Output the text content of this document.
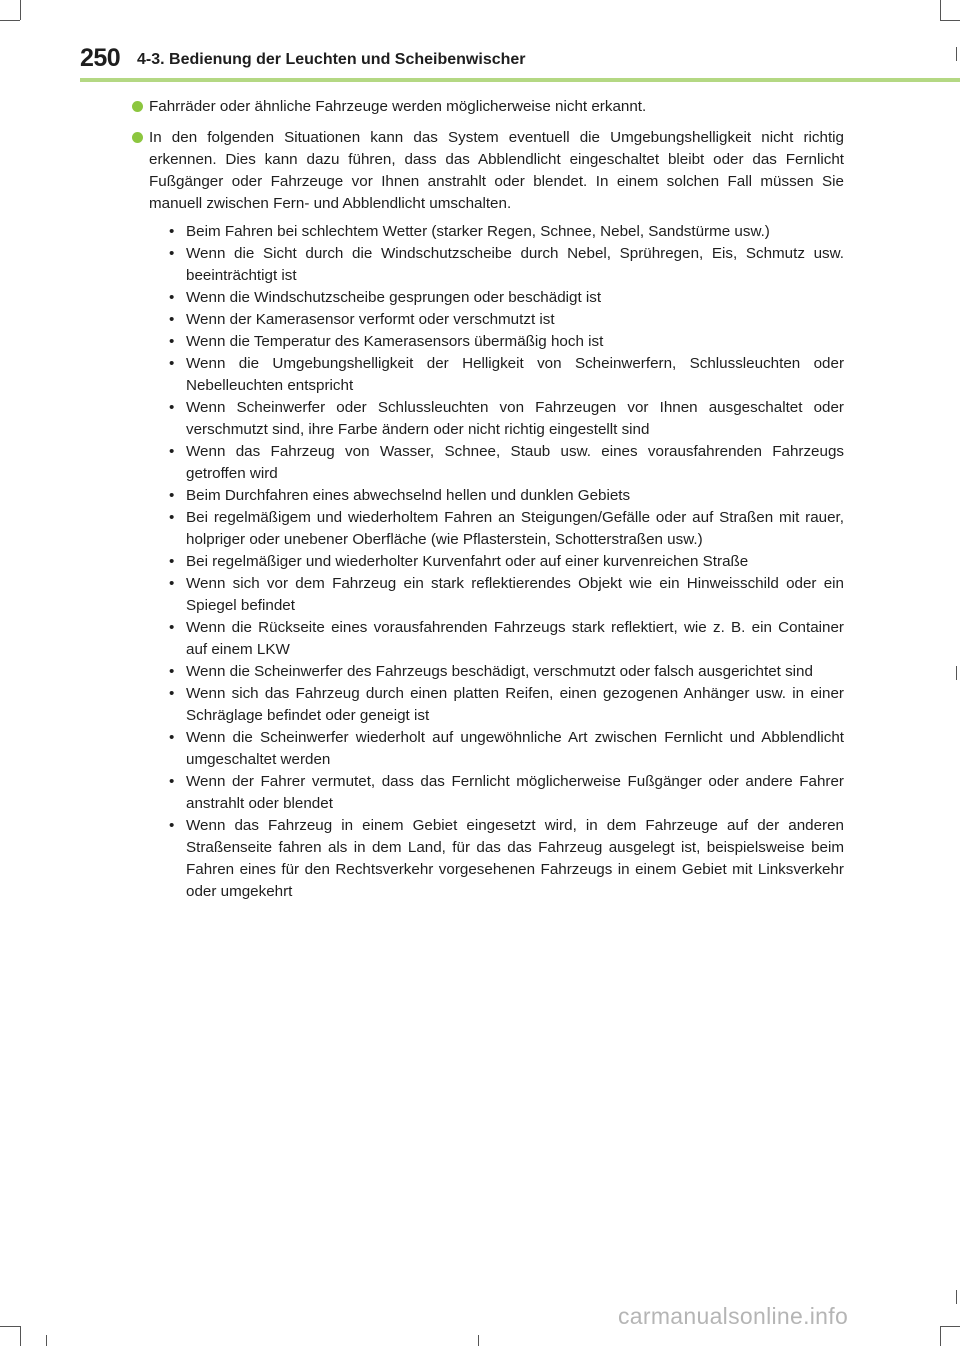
250 4-3. Bedienung der Leuchten und Scheibenwischer
Fahrräder oder ähnliche Fahrzeuge werden möglicherweise nicht erkannt.
In den folgenden Situationen kann das System eventuell die Umgebungshelligkeit nicht richtig erkennen. Dies kann dazu führen, dass das Abblendlicht eingeschaltet bleibt oder das Fernlicht Fußgänger oder Fahrzeuge vor Ihnen anstrahlt oder blendet. In einem solchen Fall müssen Sie manuell zwischen Fern- und Abblendlicht umschalten.
• Beim Fahren bei schlechtem Wetter (starker Regen, Schnee, Nebel, Sandstürme usw.)
• Wenn die Sicht durch die Windschutzscheibe durch Nebel, Sprühregen, Eis, Schmutz usw. beeinträchtigt ist
• Wenn die Windschutzscheibe gesprungen oder beschädigt ist
• Wenn der Kamerasensor verformt oder verschmutzt ist
• Wenn die Temperatur des Kamerasensors übermäßig hoch ist
• Wenn die Umgebungshelligkeit der Helligkeit von Scheinwerfern, Schlussleuchten oder Nebelleuchten entspricht
• Wenn Scheinwerfer oder Schlussleuchten von Fahrzeugen vor Ihnen ausgeschaltet oder verschmutzt sind, ihre Farbe ändern oder nicht richtig eingestellt sind
• Wenn das Fahrzeug von Wasser, Schnee, Staub usw. eines vorausfahrenden Fahrzeugs getroffen wird
• Beim Durchfahren eines abwechselnd hellen und dunklen Gebiets
• Bei regelmäßigem und wiederholtem Fahren an Steigungen/Gefälle oder auf Straßen mit rauer, holpriger oder unebener Oberfläche (wie Pflasterstein, Schotterstraßen usw.)
• Bei regelmäßiger und wiederholter Kurvenfahrt oder auf einer kurvenreichen Straße
• Wenn sich vor dem Fahrzeug ein stark reflektierendes Objekt wie ein Hinweisschild oder ein Spiegel befindet
• Wenn die Rückseite eines vorausfahrenden Fahrzeugs stark reflektiert, wie z. B. ein Container auf einem LKW
• Wenn die Scheinwerfer des Fahrzeugs beschädigt, verschmutzt oder falsch ausgerichtet sind
• Wenn sich das Fahrzeug durch einen platten Reifen, einen gezogenen Anhänger usw. in einer Schräglage befindet oder geneigt ist
• Wenn die Scheinwerfer wiederholt auf ungewöhnliche Art zwischen Fernlicht und Abblendlicht umgeschaltet werden
• Wenn der Fahrer vermutet, dass das Fernlicht möglicherweise Fußgänger oder andere Fahrer anstrahlt oder blendet
• Wenn das Fahrzeug in einem Gebiet eingesetzt wird, in dem Fahrzeuge auf der anderen Straßenseite fahren als in dem Land, für das das Fahrzeug ausgelegt ist, beispielsweise beim Fahren eines für den Rechtsverkehr vorgesehenen Fahrzeugs in einem Gebiet mit Linksverkehr oder umgekehrt
carmanualsonline.info
